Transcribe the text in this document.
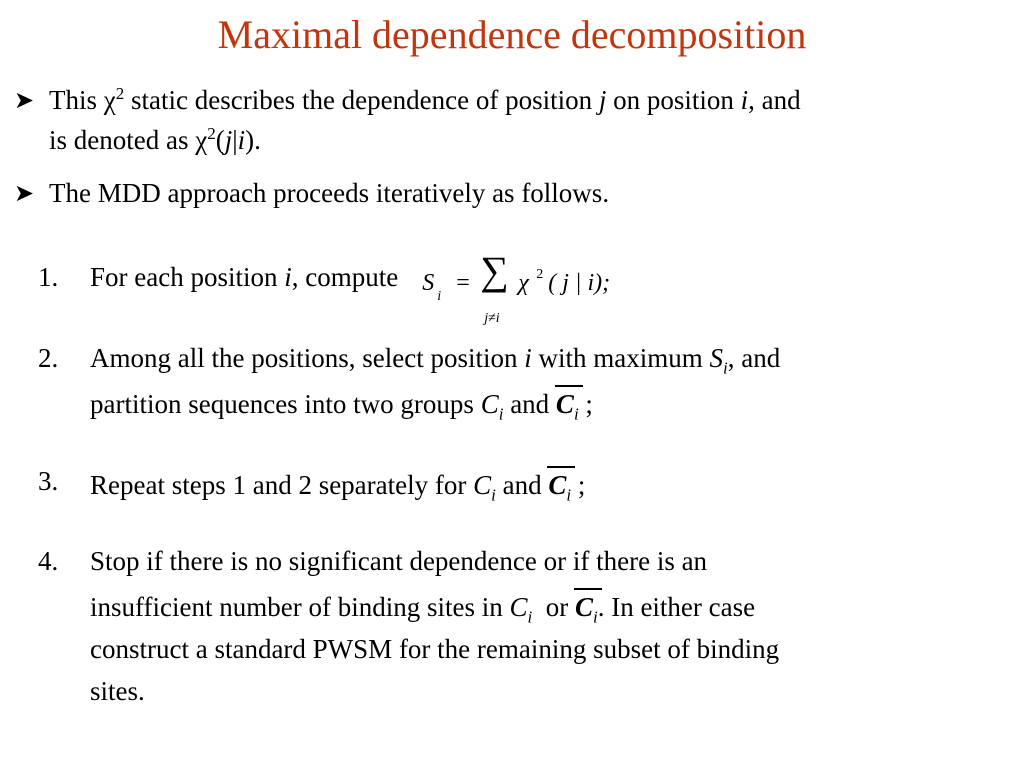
Maximal dependence decomposition
➤ This $\chi^2$ static describes the dependence of position j on position i, and
is denoted as $\chi^2(j|i)$.
➤ The MDD approach proceeds iteratively as follows.
1. For each position i, compute S
i
= ∑
j≠i
χ 2 ( j | i);
2. Among all the positions, select position i with maximum $S_i$, and
partition sequences into two groups $C_i$ and
$C_i$ ;
3. Repeat steps 1 and 2 separately for $C_i$ and
$C_i$ ;
4. Stop if there is no significant dependence or if there is an
insufficient number of binding sites in $C_i$  or
$C_i$. In either case
construct a standard PWSM for the remaining subset of binding
sites.
